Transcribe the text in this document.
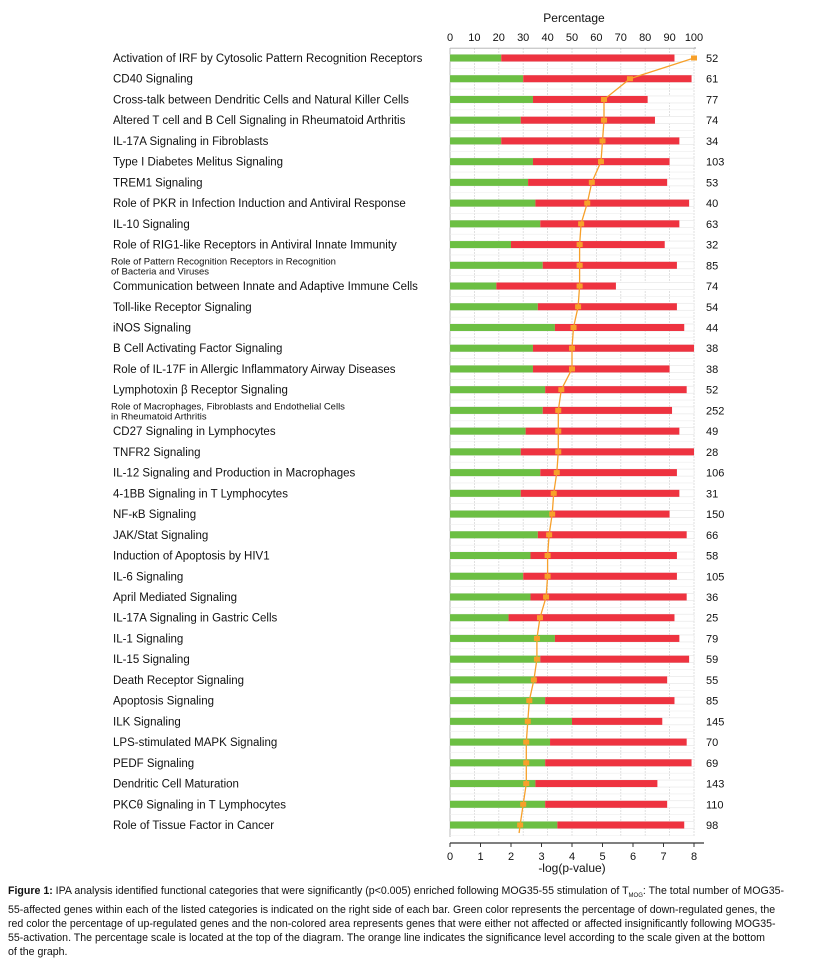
Percentage
-log(p-value)
0 10 20 30 40 50 60 70 80 90 100
0 1 2 3 4 5 6 7 8
Activation of IRF by Cytosolic Pattern Recognition Receptors	52
CD40 Signaling	61
Cross-talk between Dendritic Cells and Natural Killer Cells	77
Altered T cell and B Cell Signaling in Rheumatoid Arthritis	74
IL-17A Signaling in Fibroblasts	34
Type I Diabetes Melitus Signaling	103
TREM1 Signaling	53
Role of PKR in Infection Induction and Antiviral Response	40
IL-10 Signaling	63
Role of RIG1-like Receptors in Antiviral Innate Immunity	32
Role of Pattern Recognition Receptors in Recognition
of Bacteria and Viruses	85
Communication between Innate and Adaptive Immune Cells	74
Toll-like Receptor Signaling	54
iNOS Signaling	44
B Cell Activating Factor Signaling	38
Role of IL-17F in Allergic Inflammatory Airway Diseases	38
Lymphotoxin β Receptor Signaling	52
Role of Macrophages, Fibroblasts and Endothelial Cells
in Rheumatoid Arthritis	252
CD27 Signaling in Lymphocytes	49
TNFR2 Signaling	28
IL-12 Signaling and Production in Macrophages	106
4-1BB Signaling in T Lymphocytes	31
NF-κB Signaling	150
JAK/Stat Signaling	66
Induction of Apoptosis by HIV1	58
IL-6 Signaling	105
April Mediated Signaling	36
IL-17A Signaling in Gastric Cells	25
IL-1 Signaling	79
IL-15 Signaling	59
Death Receptor Signaling	55
Apoptosis Signaling	85
ILK Signaling	145
LPS-stimulated MAPK Signaling	70
PEDF Signaling	69
Dendritic Cell Maturation	143
PKCθ Signaling in T Lymphocytes	110
Role of Tissue Factor in Cancer	98
Figure 1: IPA analysis identified functional categories that were significantly (p<0.005) enriched following MOG35-55 stimulation of $T_{MOG}$: The total number of MOG35-
55-affected genes within each of the listed categories is indicated on the right side of each bar. Green color represents the percentage of down-regulated genes, the
red color the percentage of up-regulated genes and the non-colored area represents genes that were either not affected or affected insignificantly following MOG35-
55-activation. The percentage scale is located at the top of the diagram. The orange line indicates the significance level according to the scale given at the bottom
of the graph.
